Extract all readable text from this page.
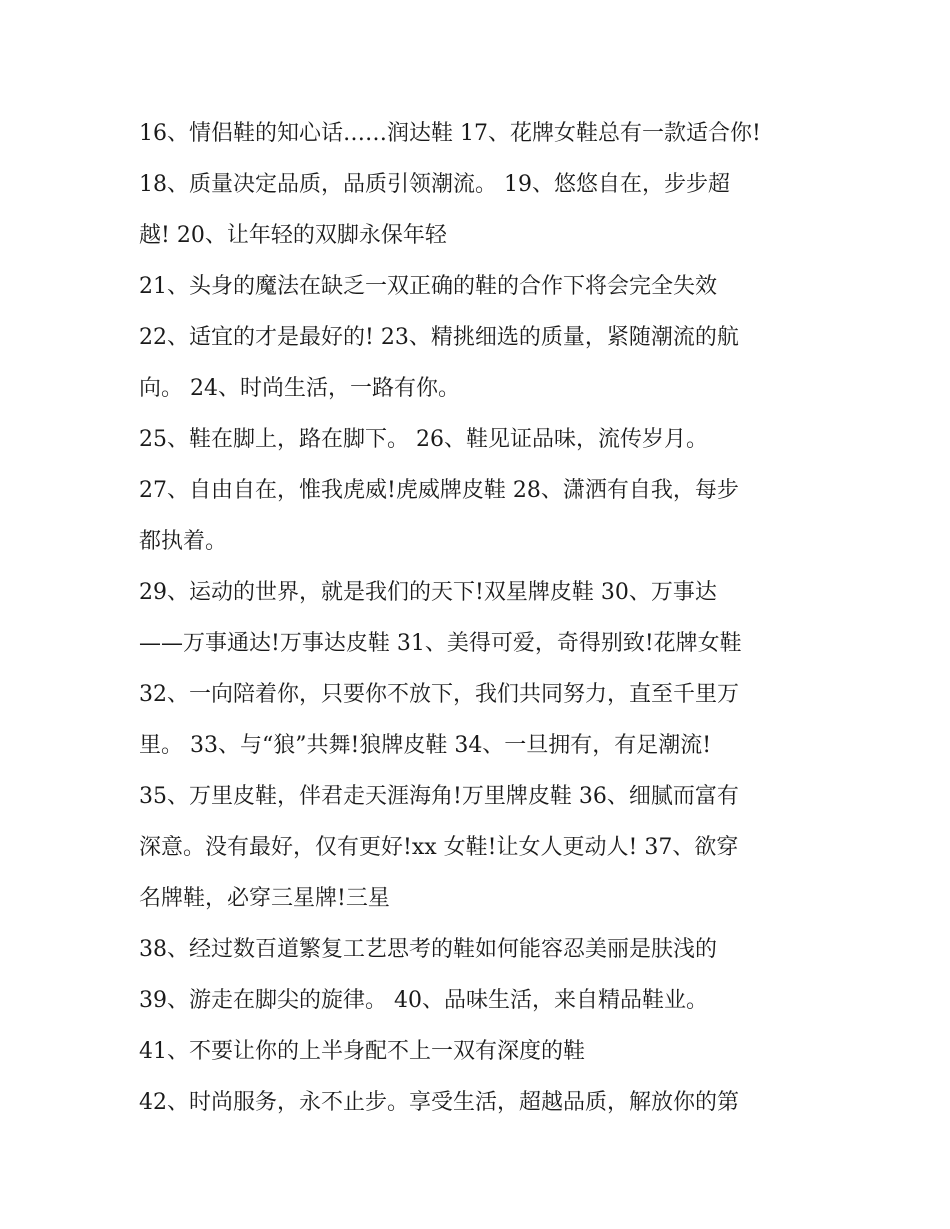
16、情侣鞋的知心话……润达鞋 17、花牌女鞋总有一款适合你!
18、质量决定品质，品质引领潮流。 19、悠悠自在，步步超
越! 20、让年轻的双脚永保年轻
21、头身的魔法在缺乏一双正确的鞋的合作下将会完全失效
22、适宜的才是最好的! 23、精挑细选的质量，紧随潮流的航
向。 24、时尚生活，一路有你。
25、鞋在脚上，路在脚下。 26、鞋见证品味，流传岁月。
27、自由自在，惟我虎威!虎威牌皮鞋 28、潇洒有自我，每步
都执着。
29、运动的世界，就是我们的天下!双星牌皮鞋 30、万事达
——万事通达!万事达皮鞋 31、美得可爱，奇得别致!花牌女鞋
32、一向陪着你，只要你不放下，我们共同努力，直至千里万
里。 33、与“狼”共舞!狼牌皮鞋 34、一旦拥有，有足潮流!
35、万里皮鞋，伴君走天涯海角!万里牌皮鞋 36、细腻而富有
深意。没有最好，仅有更好!xx 女鞋!让女人更动人! 37、欲穿
名牌鞋，必穿三星牌!三星
38、经过数百道繁复工艺思考的鞋如何能容忍美丽是肤浅的
39、游走在脚尖的旋律。 40、品味生活，来自精品鞋业。
41、不要让你的上半身配不上一双有深度的鞋
42、时尚服务，永不止步。享受生活，超越品质，解放你的第
